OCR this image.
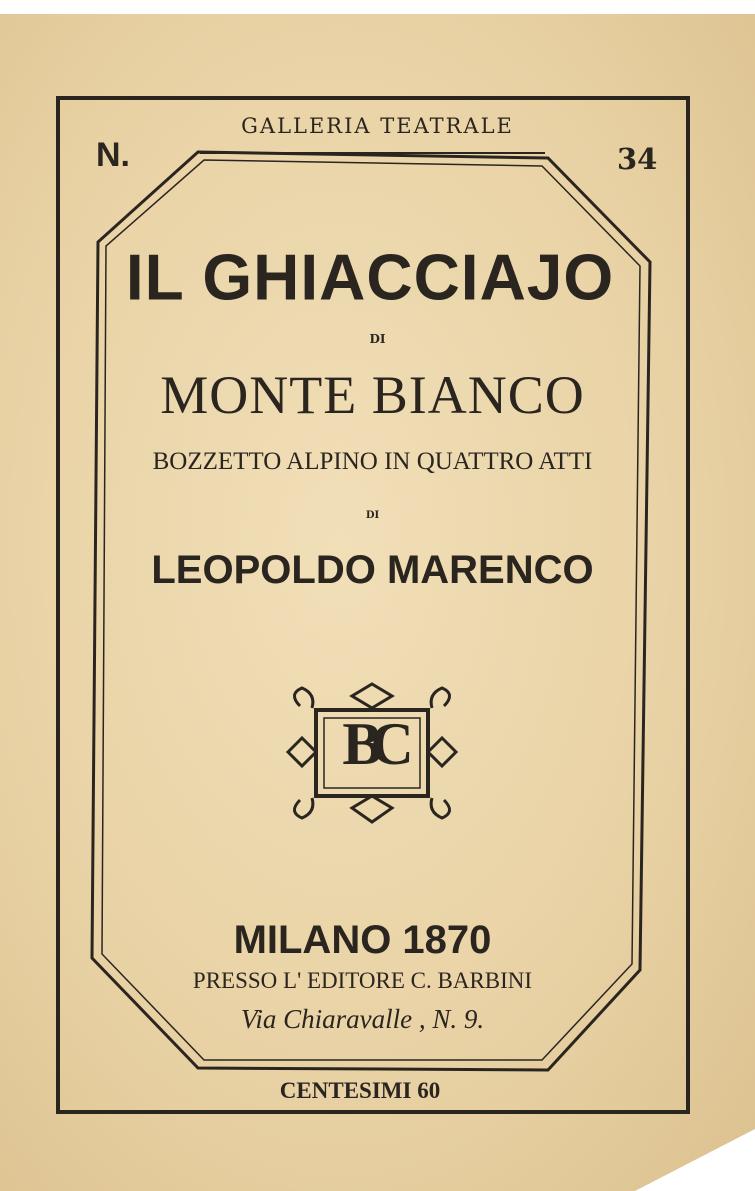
GALLERIA TEATRALE
N.	34
IL GHIACCIAJO
DI
MONTE BIANCO
BOZZETTO ALPINO IN QUATTRO ATTI
DI
LEOPOLDO MARENCO
BC
MILANO 1870
PRESSO L' EDITORE C. BARBINI
Via Chiaravalle , N. 9.
CENTESIMI 60
